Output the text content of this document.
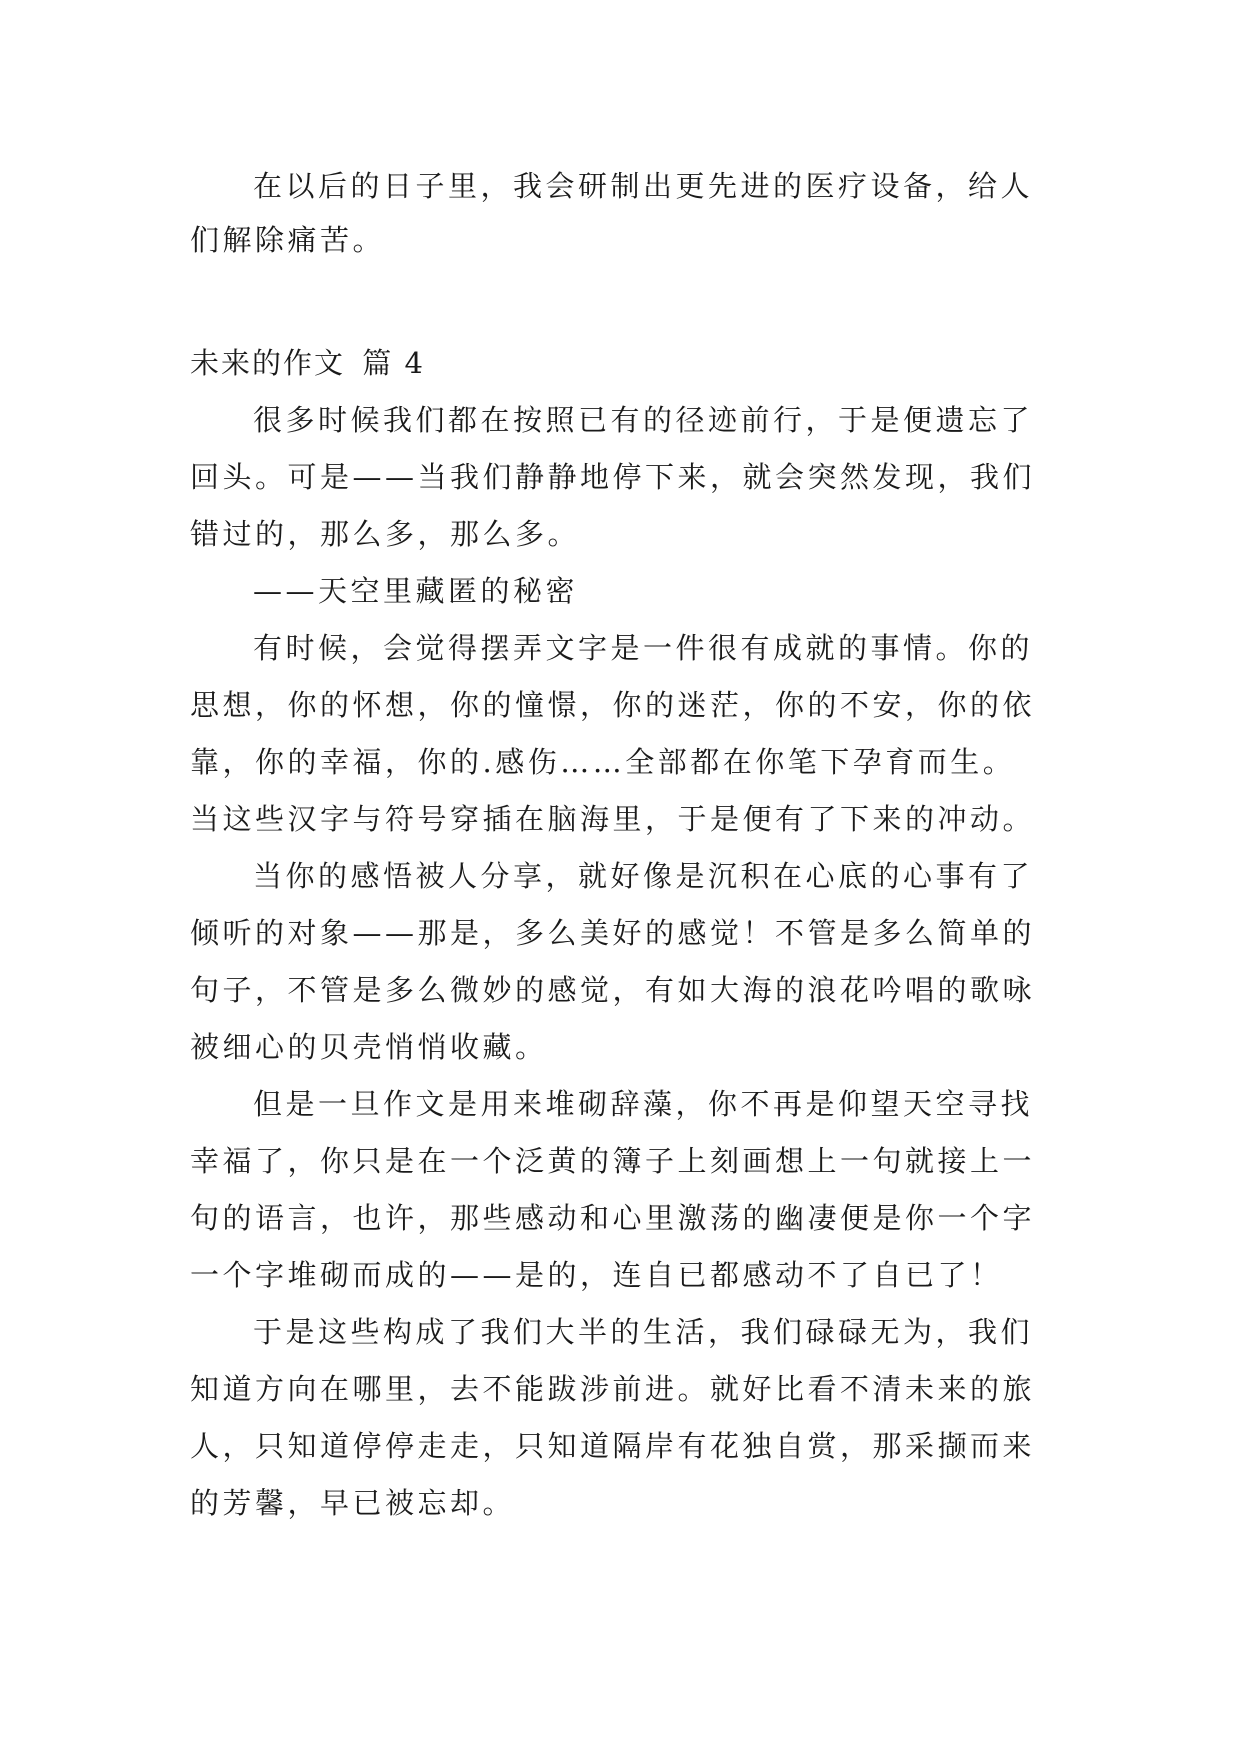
在以后的日子里，我会研制出更先进的医疗设备，给人
们解除痛苦。
未来的作文 篇 4
很多时候我们都在按照已有的径迹前行，于是便遗忘了
回头。可是——当我们静静地停下来，就会突然发现，我们
错过的，那么多，那么多。
——天空里藏匿的秘密
有时候，会觉得摆弄文字是一件很有成就的事情。你的
思想，你的怀想，你的憧憬，你的迷茫，你的不安，你的依
靠，你的幸福，你的.感伤……全部都在你笔下孕育而生。
当这些汉字与符号穿插在脑海里，于是便有了下来的冲动。
当你的感悟被人分享，就好像是沉积在心底的心事有了
倾听的对象——那是，多么美好的感觉！不管是多么简单的
句子，不管是多么微妙的感觉，有如大海的浪花吟唱的歌咏
被细心的贝壳悄悄收藏。
但是一旦作文是用来堆砌辞藻，你不再是仰望天空寻找
幸福了，你只是在一个泛黄的簿子上刻画想上一句就接上一
句的语言，也许，那些感动和心里激荡的幽凄便是你一个字
一个字堆砌而成的——是的，连自已都感动不了自已了！
于是这些构成了我们大半的生活，我们碌碌无为，我们
知道方向在哪里，去不能跋涉前进。就好比看不清未来的旅
人，只知道停停走走，只知道隔岸有花独自赏，那采撷而来
的芳馨，早已被忘却。
